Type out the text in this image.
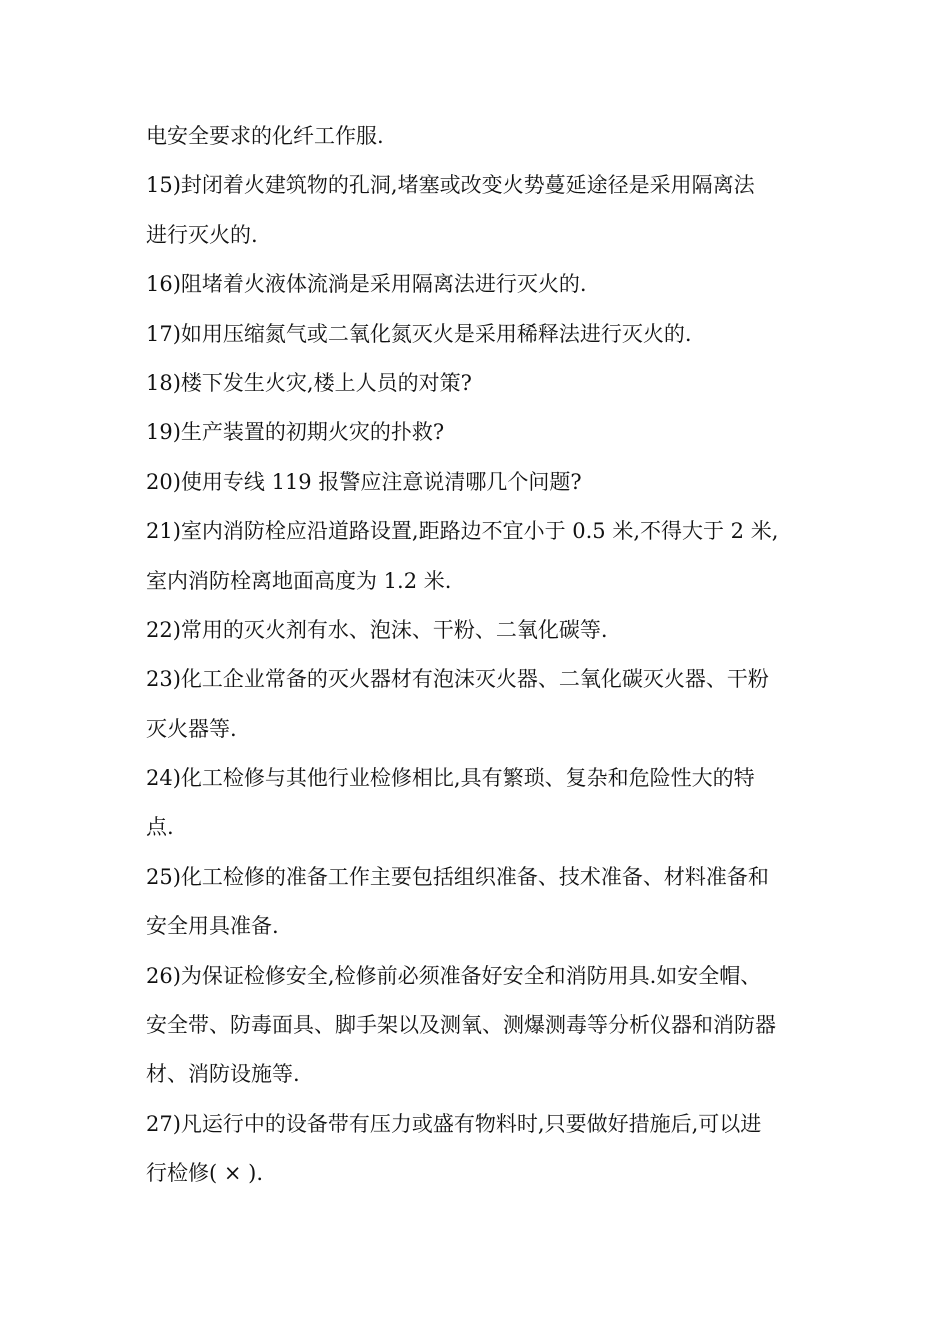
电安全要求的化纤工作服.
15)封闭着火建筑物的孔洞,堵塞或改变火势蔓延途径是采用隔离法
进行灭火的.
16)阻堵着火液体流淌是采用隔离法进行灭火的.
17)如用压缩氮气或二氧化氮灭火是采用稀释法进行灭火的.
18)楼下发生火灾,楼上人员的对策?
19)生产装置的初期火灾的扑救?
20)使用专线 119 报警应注意说清哪几个问题?
21)室内消防栓应沿道路设置,距路边不宜小于 0.5 米,不得大于 2 米,
室内消防栓离地面高度为 1.2 米.
22)常用的灭火剂有水、泡沫、干粉、二氧化碳等.
23)化工企业常备的灭火器材有泡沫灭火器、二氧化碳灭火器、干粉
灭火器等.
24)化工检修与其他行业检修相比,具有繁琐、复杂和危险性大的特
点.
25)化工检修的准备工作主要包括组织准备、技术准备、材料准备和
安全用具准备.
26)为保证检修安全,检修前必须准备好安全和消防用具.如安全帽、
安全带、防毒面具、脚手架以及测氧、测爆测毒等分析仪器和消防器
材、消防设施等.
27)凡运行中的设备带有压力或盛有物料时,只要做好措施后,可以进
行检修( × ).
